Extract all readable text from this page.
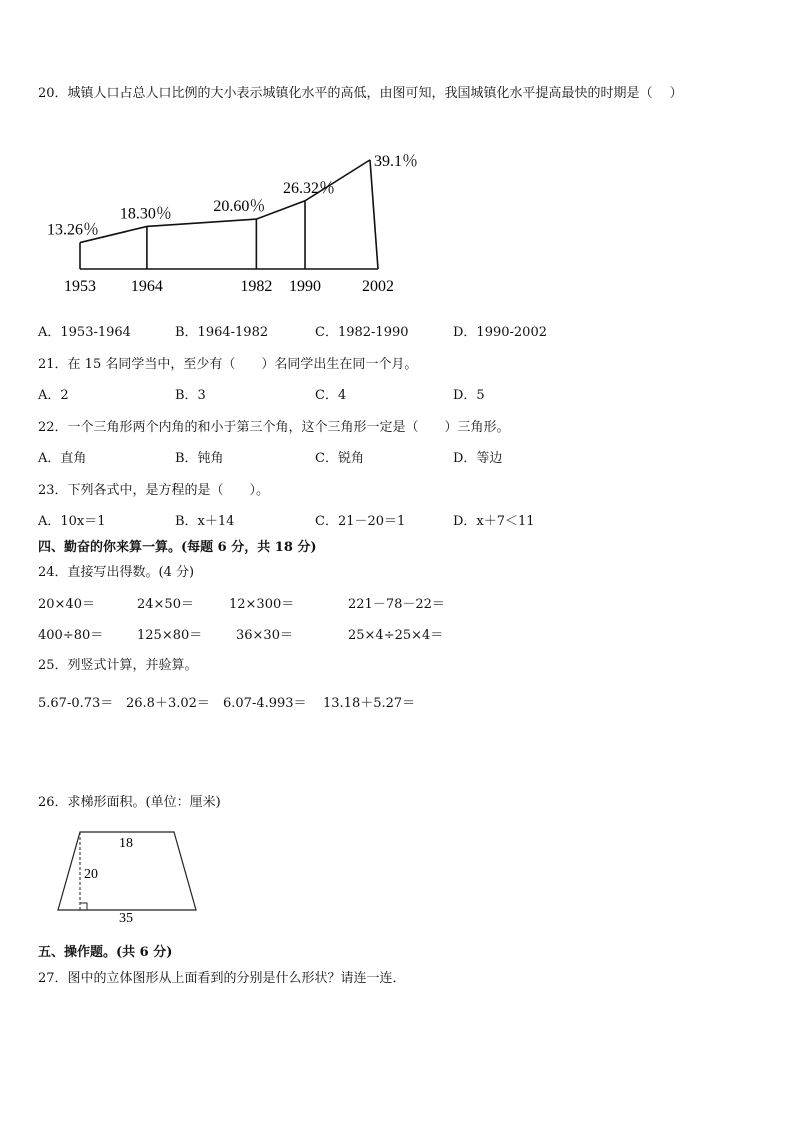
20．城镇人口占总人口比例的大小表示城镇化水平的高低，由图可知，我国城镇化水平提高最快的时期是（　 ）
1953 1964	1982 1990	2002
13.26％
18.30％	20.60％
26.32％
39.1％
A．1953-1964	B．1964-1982	C．1982-1990	D．1990-2002
21．在 15 名同学当中，至少有（　　）名同学出生在同一个月。
A．2	B．3	C．4	D．5
22．一个三角形两个内角的和小于第三个角，这个三角形一定是（　　）三角形。
A．直角	B．钝角	C．锐角	D．等边
23．下列各式中，是方程的是（　　）。
A．10x＝1	B．x＋14	C．21－20＝1	D．x＋7＜11
四、勤奋的你来算一算。(每题 6 分，共 18 分)
24．直接写出得数。(4 分)
20×40＝	24×50＝	12×300＝	221－78－22＝
400÷80＝	125×80＝	36×30＝	25×4÷25×4＝
25．列竖式计算，并验算。
5.67-0.73＝ 26.8＋3.02＝ 6.07-4.993＝ 13.18＋5.27＝
26．求梯形面积。(单位：厘米)
18
20
35
五、操作题。(共 6 分)
27．图中的立体图形从上面看到的分别是什么形状？请连一连．
